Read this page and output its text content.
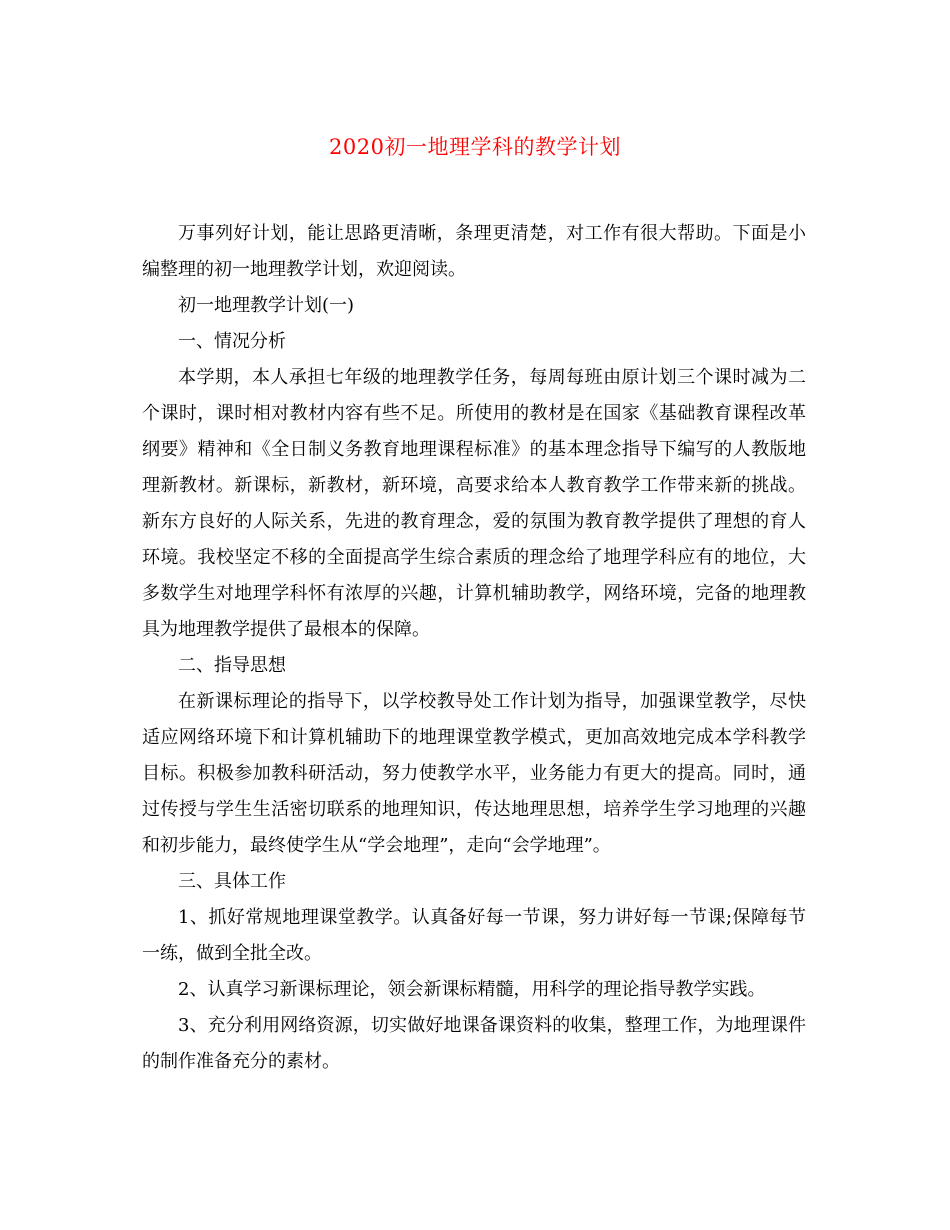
2020初一地理学科的教学计划

万事列好计划，能让思路更清晰，条理更清楚，对工作有很大帮助。下面是小编整理的初一地理教学计划，欢迎阅读。

初一地理教学计划(一)

一、情况分析

本学期，本人承担七年级的地理教学任务，每周每班由原计划三个课时减为二个课时，课时相对教材内容有些不足。所使用的教材是在国家《基础教育课程改革纲要》精神和《全日制义务教育地理课程标准》的基本理念指导下编写的人教版地理新教材。新课标，新教材，新环境，高要求给本人教育教学工作带来新的挑战。新东方良好的人际关系，先进的教育理念，爱的氛围为教育教学提供了理想的育人环境。我校坚定不移的全面提高学生综合素质的理念给了地理学科应有的地位，大多数学生对地理学科怀有浓厚的兴趣，计算机辅助教学，网络环境，完备的地理教具为地理教学提供了最根本的保障。

二、指导思想

在新课标理论的指导下，以学校教导处工作计划为指导，加强课堂教学，尽快适应网络环境下和计算机辅助下的地理课堂教学模式，更加高效地完成本学科教学目标。积极参加教科研活动，努力使教学水平，业务能力有更大的提高。同时，通过传授与学生生活密切联系的地理知识，传达地理思想，培养学生学习地理的兴趣和初步能力，最终使学生从“学会地理”，走向“会学地理”。

三、具体工作

1、抓好常规地理课堂教学。认真备好每一节课，努力讲好每一节课;保障每节一练，做到全批全改。

2、认真学习新课标理论，领会新课标精髓，用科学的理论指导教学实践。

3、充分利用网络资源，切实做好地课备课资料的收集，整理工作，为地理课件的制作准备充分的素材。
